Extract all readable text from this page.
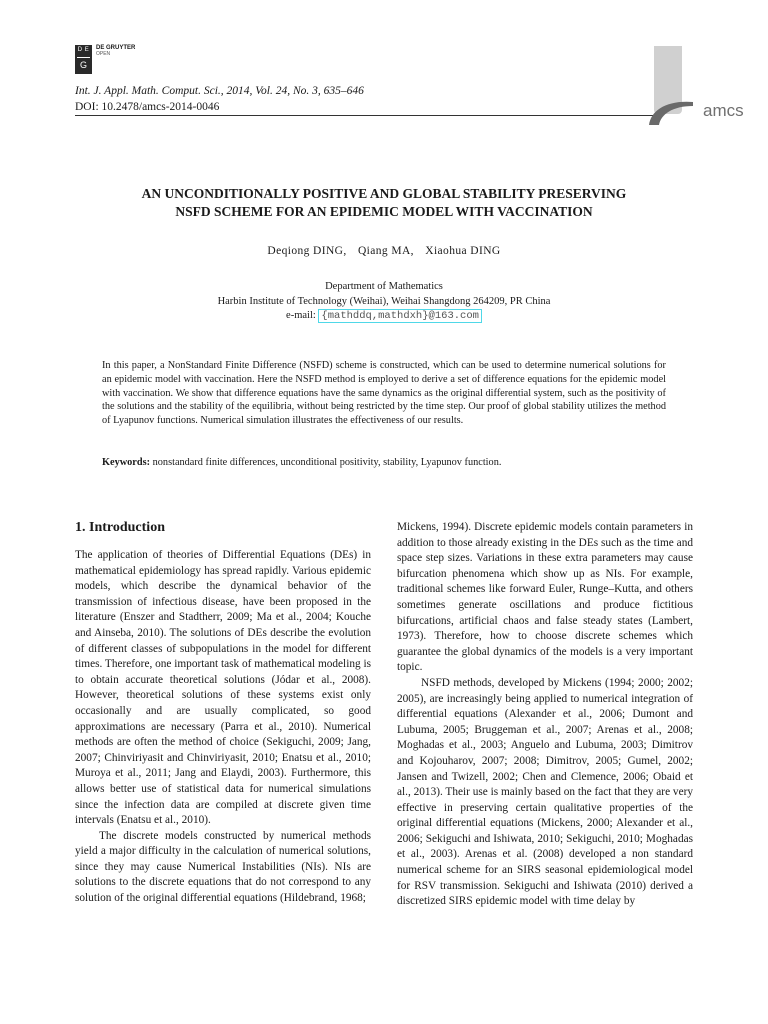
D E
G
DE GRUYTER
OPEN
Int. J. Appl. Math. Comput. Sci., 2014, Vol. 24, No. 3, 635–646
DOI: 10.2478/amcs-2014-0046	amcs
AN UNCONDITIONALLY POSITIVE AND GLOBAL STABILITY PRESERVING
NSFD SCHEME FOR AN EPIDEMIC MODEL WITH VACCINATION
Deqiong DING, Qiang MA, Xiaohua DING
Department of Mathematics
Harbin Institute of Technology (Weihai), Weihai Shangdong 264209, PR China
e-mail: {mathddq,mathdxh}@163.com
In this paper, a NonStandard Finite Difference (NSFD) scheme is constructed, which can be used to determine numerical solutions for an epidemic model with vaccination. Here the NSFD method is employed to derive a set of difference equations for the epidemic model with vaccination. We show that difference equations have the same dynamics as the original differential system, such as the positivity of the solutions and the stability of the equilibria, without being restricted by the time step. Our proof of global stability utilizes the method of Lyapunov functions. Numerical simulation illustrates the effectiveness of our results.
Keywords: nonstandard finite differences, unconditional positivity, stability, Lyapunov function.
1. Introduction

The application of theories of Differential Equations (DEs) in mathematical epidemiology has spread rapidly. Various epidemic models, which describe the dynamical behavior of the transmission of infectious disease, have been proposed in the literature (Enszer and Stadtherr, 2009; Ma et al., 2004; Kouche and Ainseba, 2010). The solutions of DEs describe the evolution of different classes of subpopulations in the model for different times. Therefore, one important task of mathematical modeling is to obtain accurate theoretical solutions (Jódar et al., 2008). However, theoretical solutions of these systems exist only occasionally and are usually complicated, so good approximations are necessary (Parra et al., 2010). Numerical methods are often the method of choice (Sekiguchi, 2009; Jang, 2007; Chinviriyasit and Chinviriyasit, 2010; Enatsu et al., 2010; Muroya et al., 2011; Jang and Elaydi, 2003). Furthermore, this allows better use of statistical data for numerical simulations since the infection data are compiled at discrete given time intervals (Enatsu et al., 2010).

The discrete models constructed by numerical methods yield a major difficulty in the calculation of numerical solutions, since they may cause Numerical Instabilities (NIs). NIs are solutions to the discrete equations that do not correspond to any solution of the original differential equations (Hildebrand, 1968;

Mickens, 1994). Discrete epidemic models contain parameters in addition to those already existing in the DEs such as the time and space step sizes. Variations in these extra parameters may cause bifurcation phenomena which show up as NIs. For example, traditional schemes like forward Euler, Runge–Kutta, and others sometimes generate oscillations and produce fictitious bifurcations, artificial chaos and false steady states (Lambert, 1973). Therefore, how to choose discrete schemes which guarantee the global dynamics of the models is a very important topic.

NSFD methods, developed by Mickens (1994; 2000; 2002; 2005), are increasingly being applied to numerical integration of differential equations (Alexander et al., 2006; Dumont and Lubuma, 2005; Bruggeman et al., 2007; Arenas et al., 2008; Moghadas et al., 2003; Anguelo and Lubuma, 2003; Dimitrov and Kojouharov, 2007; 2008; Dimitrov, 2005; Gumel, 2002; Jansen and Twizell, 2002; Chen and Clemence, 2006; Obaid et al., 2013). Their use is mainly based on the fact that they are very effective in preserving certain qualitative properties of the original differential equations (Mickens, 2000; Alexander et al., 2006; Sekiguchi and Ishiwata, 2010; Sekiguchi, 2010; Moghadas et al., 2003). Arenas et al. (2008) developed a non standard numerical scheme for an SIRS seasonal epidemiological model for RSV transmission. Sekiguchi and Ishiwata (2010) derived a discretized SIRS epidemic model with time delay by
